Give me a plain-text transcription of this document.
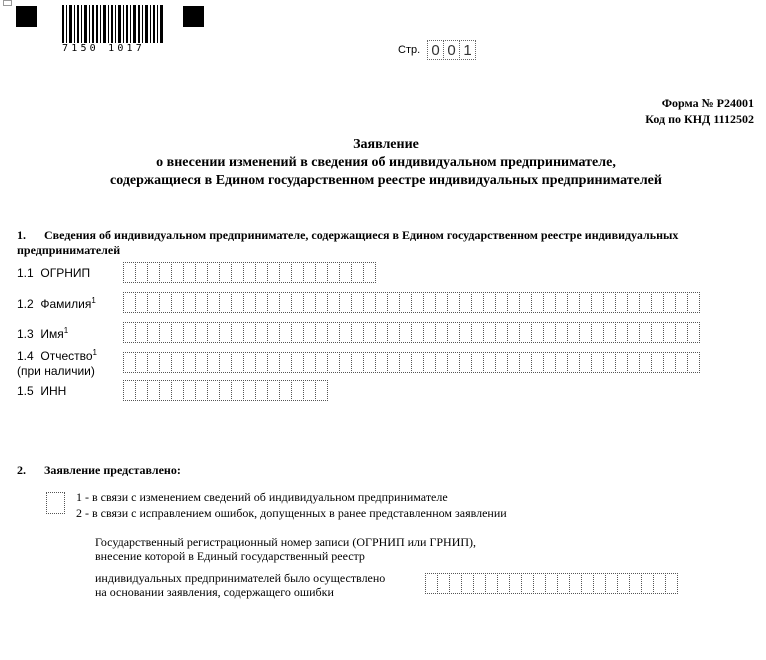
7150 1017	Стр. 0 0 1
Форма № Р24001
Код по КНД 1112502
Заявление
о внесении изменений в сведения об индивидуальном предпринимателе,
содержащиеся в Едином государственном реестре индивидуальных предпринимателей
1. Сведения об индивидуальном предпринимателе, содержащиеся в Едином государственном реестре индивидуальных
предпринимателей
1.1 ОГРНИП
1.2 Фамилия$^1$
1.3 Имя$^1$
1.4 Отчество$^1$
(при наличии)
1.5 ИНН
2. Заявление представлено:
1 - в связи с изменением сведений об индивидуальном предпринимателе
2 - в связи с исправлением ошибок, допущенных в ранее представленном заявлении
Государственный регистрационный номер записи (ОГРНИП или ГРНИП),
внесение которой в Единый государственный реестр
индивидуальных предпринимателей было осуществлено
на основании заявления, содержащего ошибки
